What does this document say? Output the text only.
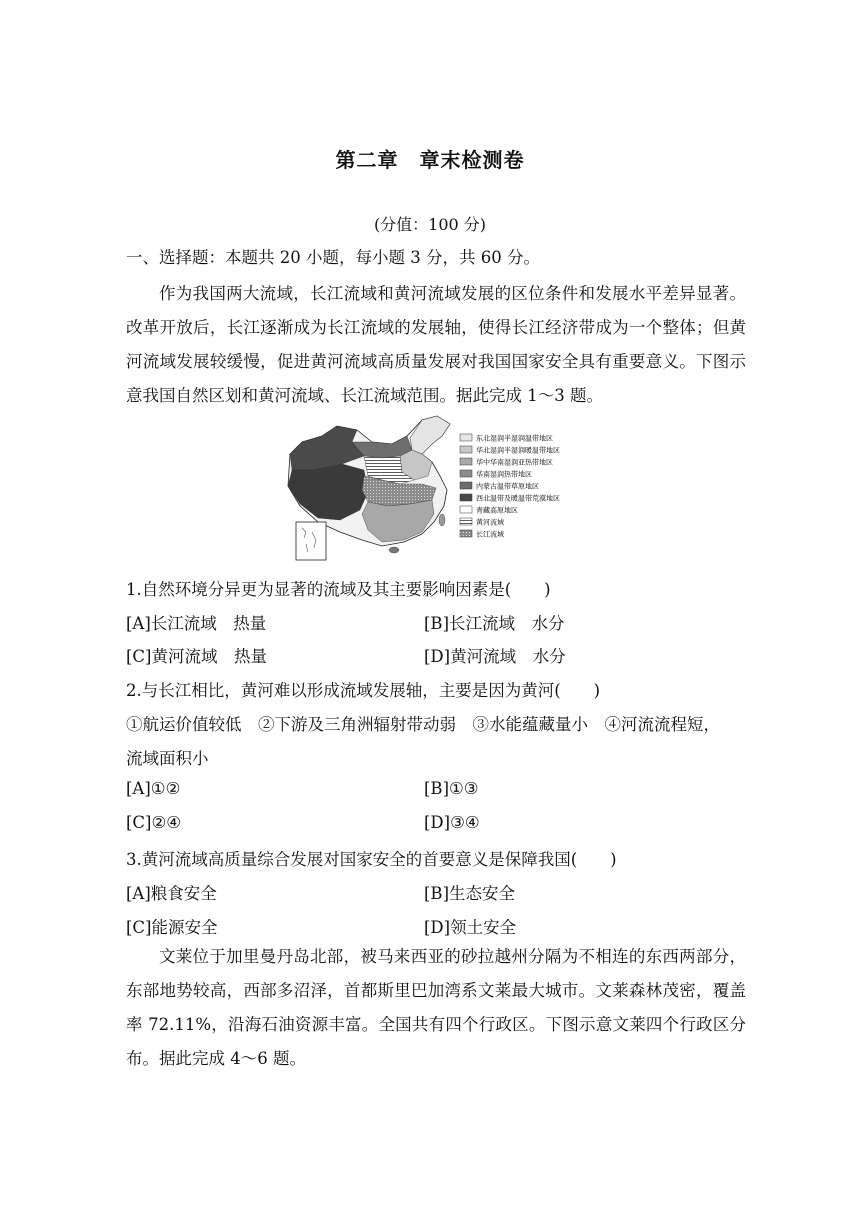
第二章　章末检测卷
(分值：100 分)
一、选择题：本题共 20 小题，每小题 3 分，共 60 分。
作为我国两大流域，长江流域和黄河流域发展的区位条件和发展水平差异显著。改革开放后，长江逐渐成为长江流域的发展轴，使得长江经济带成为一个整体；但黄河流域发展较缓慢，促进黄河流域高质量发展对我国国家安全具有重要意义。下图示意我国自然区划和黄河流域、长江流域范围。据此完成 1～3 题。
东北湿润半湿润温带地区
华北湿润半湿润暖温带地区
华中华南湿润亚热带地区
华南湿润热带地区
内蒙古温带草原地区
西北温带及暖温带荒漠地区
青藏高原地区
黄河流域
长江流域
1.自然环境分异更为显著的流域及其主要影响因素是(　　)
[A]长江流域　热量	[B]长江流域　水分
[C]黄河流域　热量	[D]黄河流域　水分
2.与长江相比，黄河难以形成流域发展轴，主要是因为黄河(　　)
①航运价值较低　②下游及三角洲辐射带动弱　③水能蕴藏量小　④河流流程短，
流域面积小
[A]①②	[B]①③
[C]②④	[D]③④
3.黄河流域高质量综合发展对国家安全的首要意义是保障我国(　　)
[A]粮食安全	[B]生态安全
[C]能源安全	[D]领土安全
文莱位于加里曼丹岛北部，被马来西亚的砂拉越州分隔为不相连的东西两部分，东部地势较高，西部多沼泽，首都斯里巴加湾系文莱最大城市。文莱森林茂密，覆盖率 72.11%，沿海石油资源丰富。全国共有四个行政区。下图示意文莱四个行政区分布。据此完成 4～6 题。
